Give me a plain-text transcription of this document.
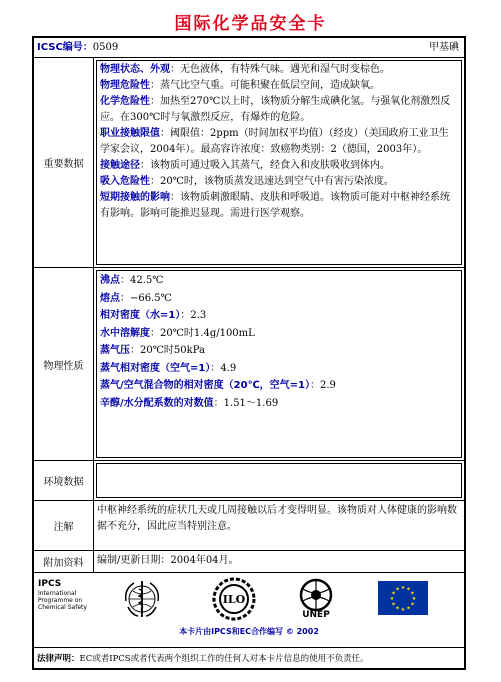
国际化学品安全卡
ICSC编号：0509	甲基碘
重要数据
物理状态、外观：无色液体，有特殊气味。遇光和湿气时变棕色。
物理危险性：蒸气比空气重。可能积聚在低层空间，造成缺氧。
化学危险性：加热至270℃以上时，该物质分解生成碘化氢。与强氧化剂激烈反应。在300℃时与氧激烈反应，有爆炸的危险。
职业接触限值：阈限值：2ppm（时间加权平均值）（经皮）（美国政府工业卫生学家会议，2004年）。最高容许浓度：致癌物类别：2（德国，2003年）。
接触途径：该物质可通过吸入其蒸气，经食入和皮肤吸收到体内。
吸入危险性：20℃时，该物质蒸发迅速达到空气中有害污染浓度。
短期接触的影响：该物质刺激眼睛、皮肤和呼吸道。该物质可能对中枢神经系统有影响。影响可能推迟显现。需进行医学观察。
物理性质
沸点：42.5℃
熔点：−66.5℃
相对密度（水=1）：2.3
水中溶解度：20℃时1.4g/100mL
蒸气压：20℃时50kPa
蒸气相对密度（空气=1）：4.9
蒸气/空气混合物的相对密度（20℃，空气=1）：2.9
辛醇/水分配系数的对数值：1.51～1.69
环境数据
注解
中枢神经系统的症状几天或几周接触以后才变得明显。该物质对人体健康的影响数据不充分，因此应当特别注意。
附加资料	编制/更新日期：2004年04月。
IPCS
International
Programme on
Chemical Safety
ILO
UNEP
★ ★
★
★
★
★
★
★
★
★
★
★
本卡片由IPCS和EC合作编写 © 2002
法律声明：EC或者IPCS或者代表两个组织工作的任何人对本卡片信息的使用不负责任。
